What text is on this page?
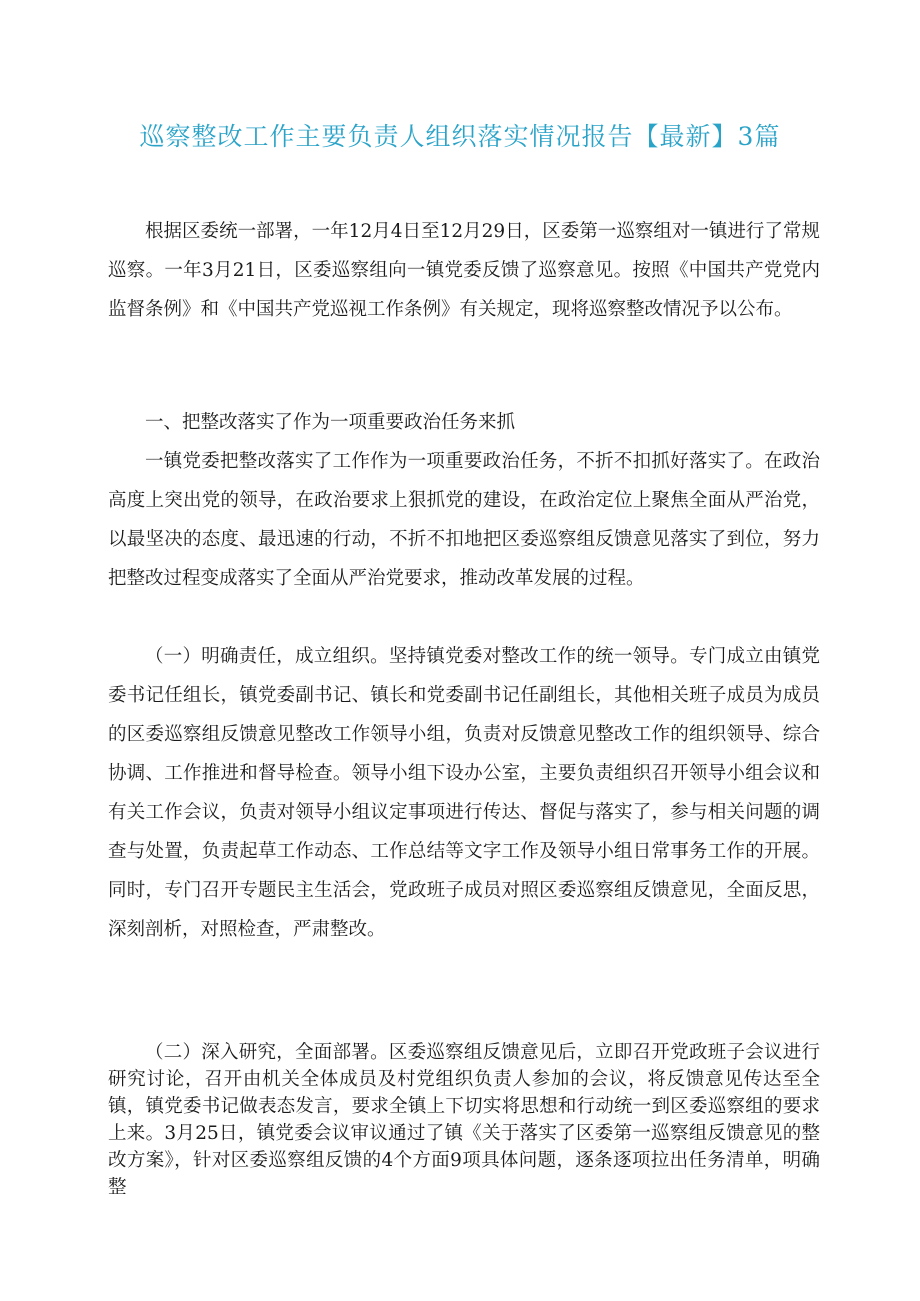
巡察整改工作主要负责人组织落实情况报告【最新】3篇

根据区委统一部署，一年12月4日至12月29日，区委第一巡察组对一镇进行了常规巡察。一年3月21日，区委巡察组向一镇党委反馈了巡察意见。按照《中国共产党党内监督条例》和《中国共产党巡视工作条例》有关规定，现将巡察整改情况予以公布。

一、把整改落实了作为一项重要政治任务来抓

一镇党委把整改落实了工作作为一项重要政治任务，不折不扣抓好落实了。在政治高度上突出党的领导，在政治要求上狠抓党的建设，在政治定位上聚焦全面从严治党，以最坚决的态度、最迅速的行动，不折不扣地把区委巡察组反馈意见落实了到位，努力把整改过程变成落实了全面从严治党要求，推动改革发展的过程。

（一）明确责任，成立组织。坚持镇党委对整改工作的统一领导。专门成立由镇党委书记任组长，镇党委副书记、镇长和党委副书记任副组长，其他相关班子成员为成员的区委巡察组反馈意见整改工作领导小组，负责对反馈意见整改工作的组织领导、综合协调、工作推进和督导检查。领导小组下设办公室，主要负责组织召开领导小组会议和有关工作会议，负责对领导小组议定事项进行传达、督促与落实了，参与相关问题的调查与处置，负责起草工作动态、工作总结等文字工作及领导小组日常事务工作的开展。同时，专门召开专题民主生活会，党政班子成员对照区委巡察组反馈意见，全面反思，深刻剖析，对照检查，严肃整改。

（二）深入研究，全面部署。区委巡察组反馈意见后，立即召开党政班子会议进行研究讨论，召开由机关全体成员及村党组织负责人参加的会议，将反馈意见传达至全镇，镇党委书记做表态发言，要求全镇上下切实将思想和行动统一到区委巡察组的要求上来。3月25日，镇党委会议审议通过了镇《关于落实了区委第一巡察组反馈意见的整改方案》，针对区委巡察组反馈的4个方面9项具体问题，逐条逐项拉出任务清单，明确整
